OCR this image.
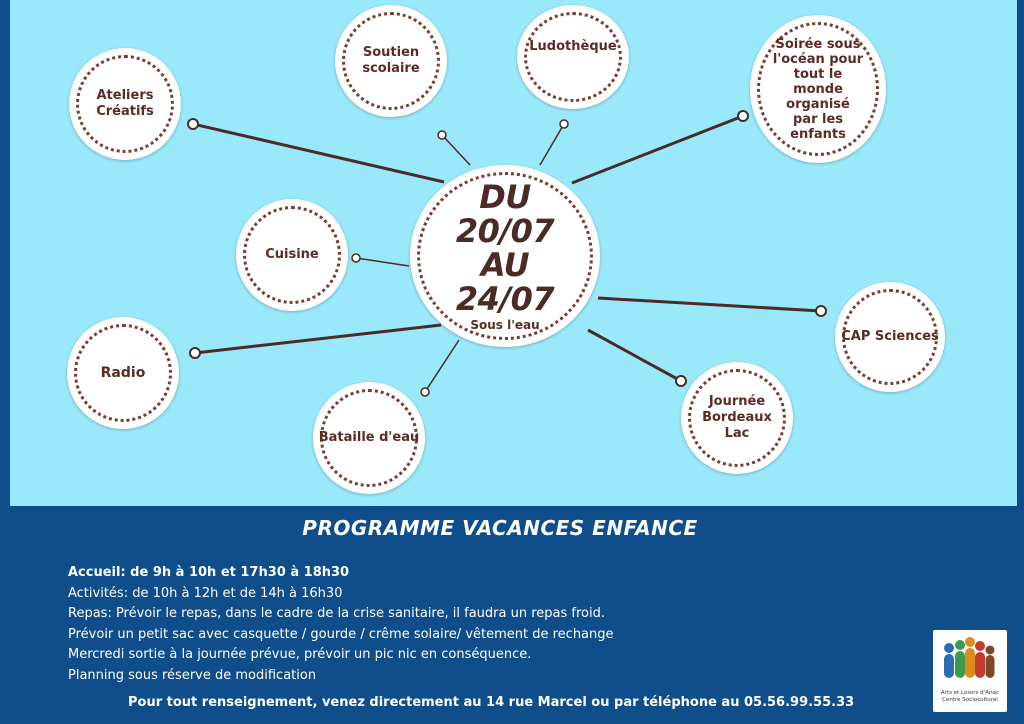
Ateliers Créatifs
Soutien scolaire
Ludothèque	Soirée sous l'océan pour tout le monde organisé par les enfants
DU 20/07 AU 24/07
Sous l'eau
Cuisine
CAP Sciences
Radio
Bataille d'eau
Journée Bordeaux Lac
PROGRAMME VACANCES ENFANCE
Accueil: de 9h à 10h et 17h30 à 18h30
Activités: de 10h à 12h et de 14h à 16h30
Repas: Prévoir le repas, dans le cadre de la crise sanitaire, il faudra un repas froid.
Prévoir un petit sac avec casquette / gourde / crême solaire/ vêtement de rechange
Mercredi sortie à la journée prévue, prévoir un pic nic en conséquence.
Planning sous réserve de modification
Pour tout renseignement, venez directement au 14 rue Marcel ou par téléphone au 05.56.99.55.33
Arts et Loisirs d'Arlac Centre Socioculturel
